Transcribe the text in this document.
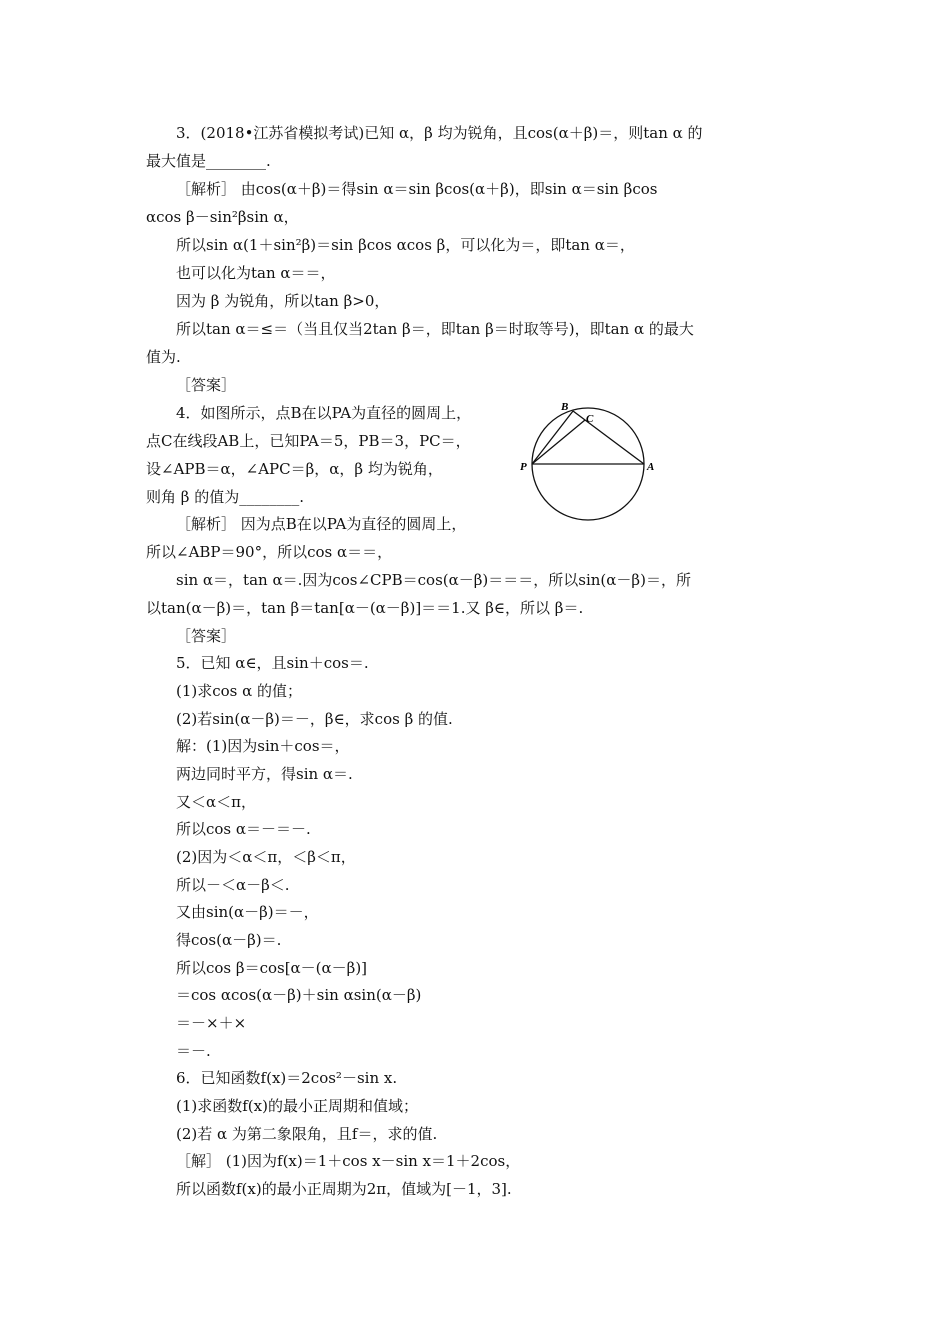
3．(2018•江苏省模拟考试)已知 α，β 均为锐角，且cos(α＋β)＝，则tan α 的
最大值是________.
［解析］ 由cos(α＋β)＝得sin α＝sin βcos(α＋β)，即sin α＝sin βcos
αcos β－sin²βsin α，
所以sin α(1＋sin²β)＝sin βcos αcos β，可以化为＝，即tan α＝，
也可以化为tan α＝＝，
因为 β 为锐角，所以tan β>0，
所以tan α＝≤＝（当且仅当2tan β＝，即tan β＝时取等号)，即tan α 的最大
值为.
［答案］
4．如图所示，点B在以PA为直径的圆周上，
点C在线段AB上，已知PA＝5，PB＝3，PC＝，
设∠APB＝α，∠APC＝β，α，β 均为锐角，
则角 β 的值为________.
［解析］ 因为点B在以PA为直径的圆周上，
所以∠ABP＝90°，所以cos α＝＝，
sin α＝，tan α＝.因为cos∠CPB＝cos(α－β)＝＝＝，所以sin(α－β)＝，所
以tan(α－β)＝，tan β＝tan[α－(α－β)]＝＝1.又 β∈，所以 β＝.
［答案］
5．已知 α∈，且sin＋cos＝.
(1)求cos α 的值；
(2)若sin(α－β)＝－，β∈，求cos β 的值.
解：(1)因为sin＋cos＝，
两边同时平方，得sin α＝.
又＜α＜π，
所以cos α＝－＝－.
(2)因为＜α＜π，＜β＜π，
所以－＜α－β＜.
又由sin(α－β)＝－，
得cos(α－β)＝.
所以cos β＝cos[α－(α－β)]
＝cos αcos(α－β)＋sin αsin(α－β)
＝－×＋×
＝－.
6．已知函数f(x)＝2cos²－sin x.
(1)求函数f(x)的最小正周期和值域；
(2)若 α 为第二象限角，且f＝，求的值.
［解］ (1)因为f(x)＝1＋cos x－sin x＝1＋2cos，
所以函数f(x)的最小正周期为2π，值域为[－1，3].
B
C
P	A
